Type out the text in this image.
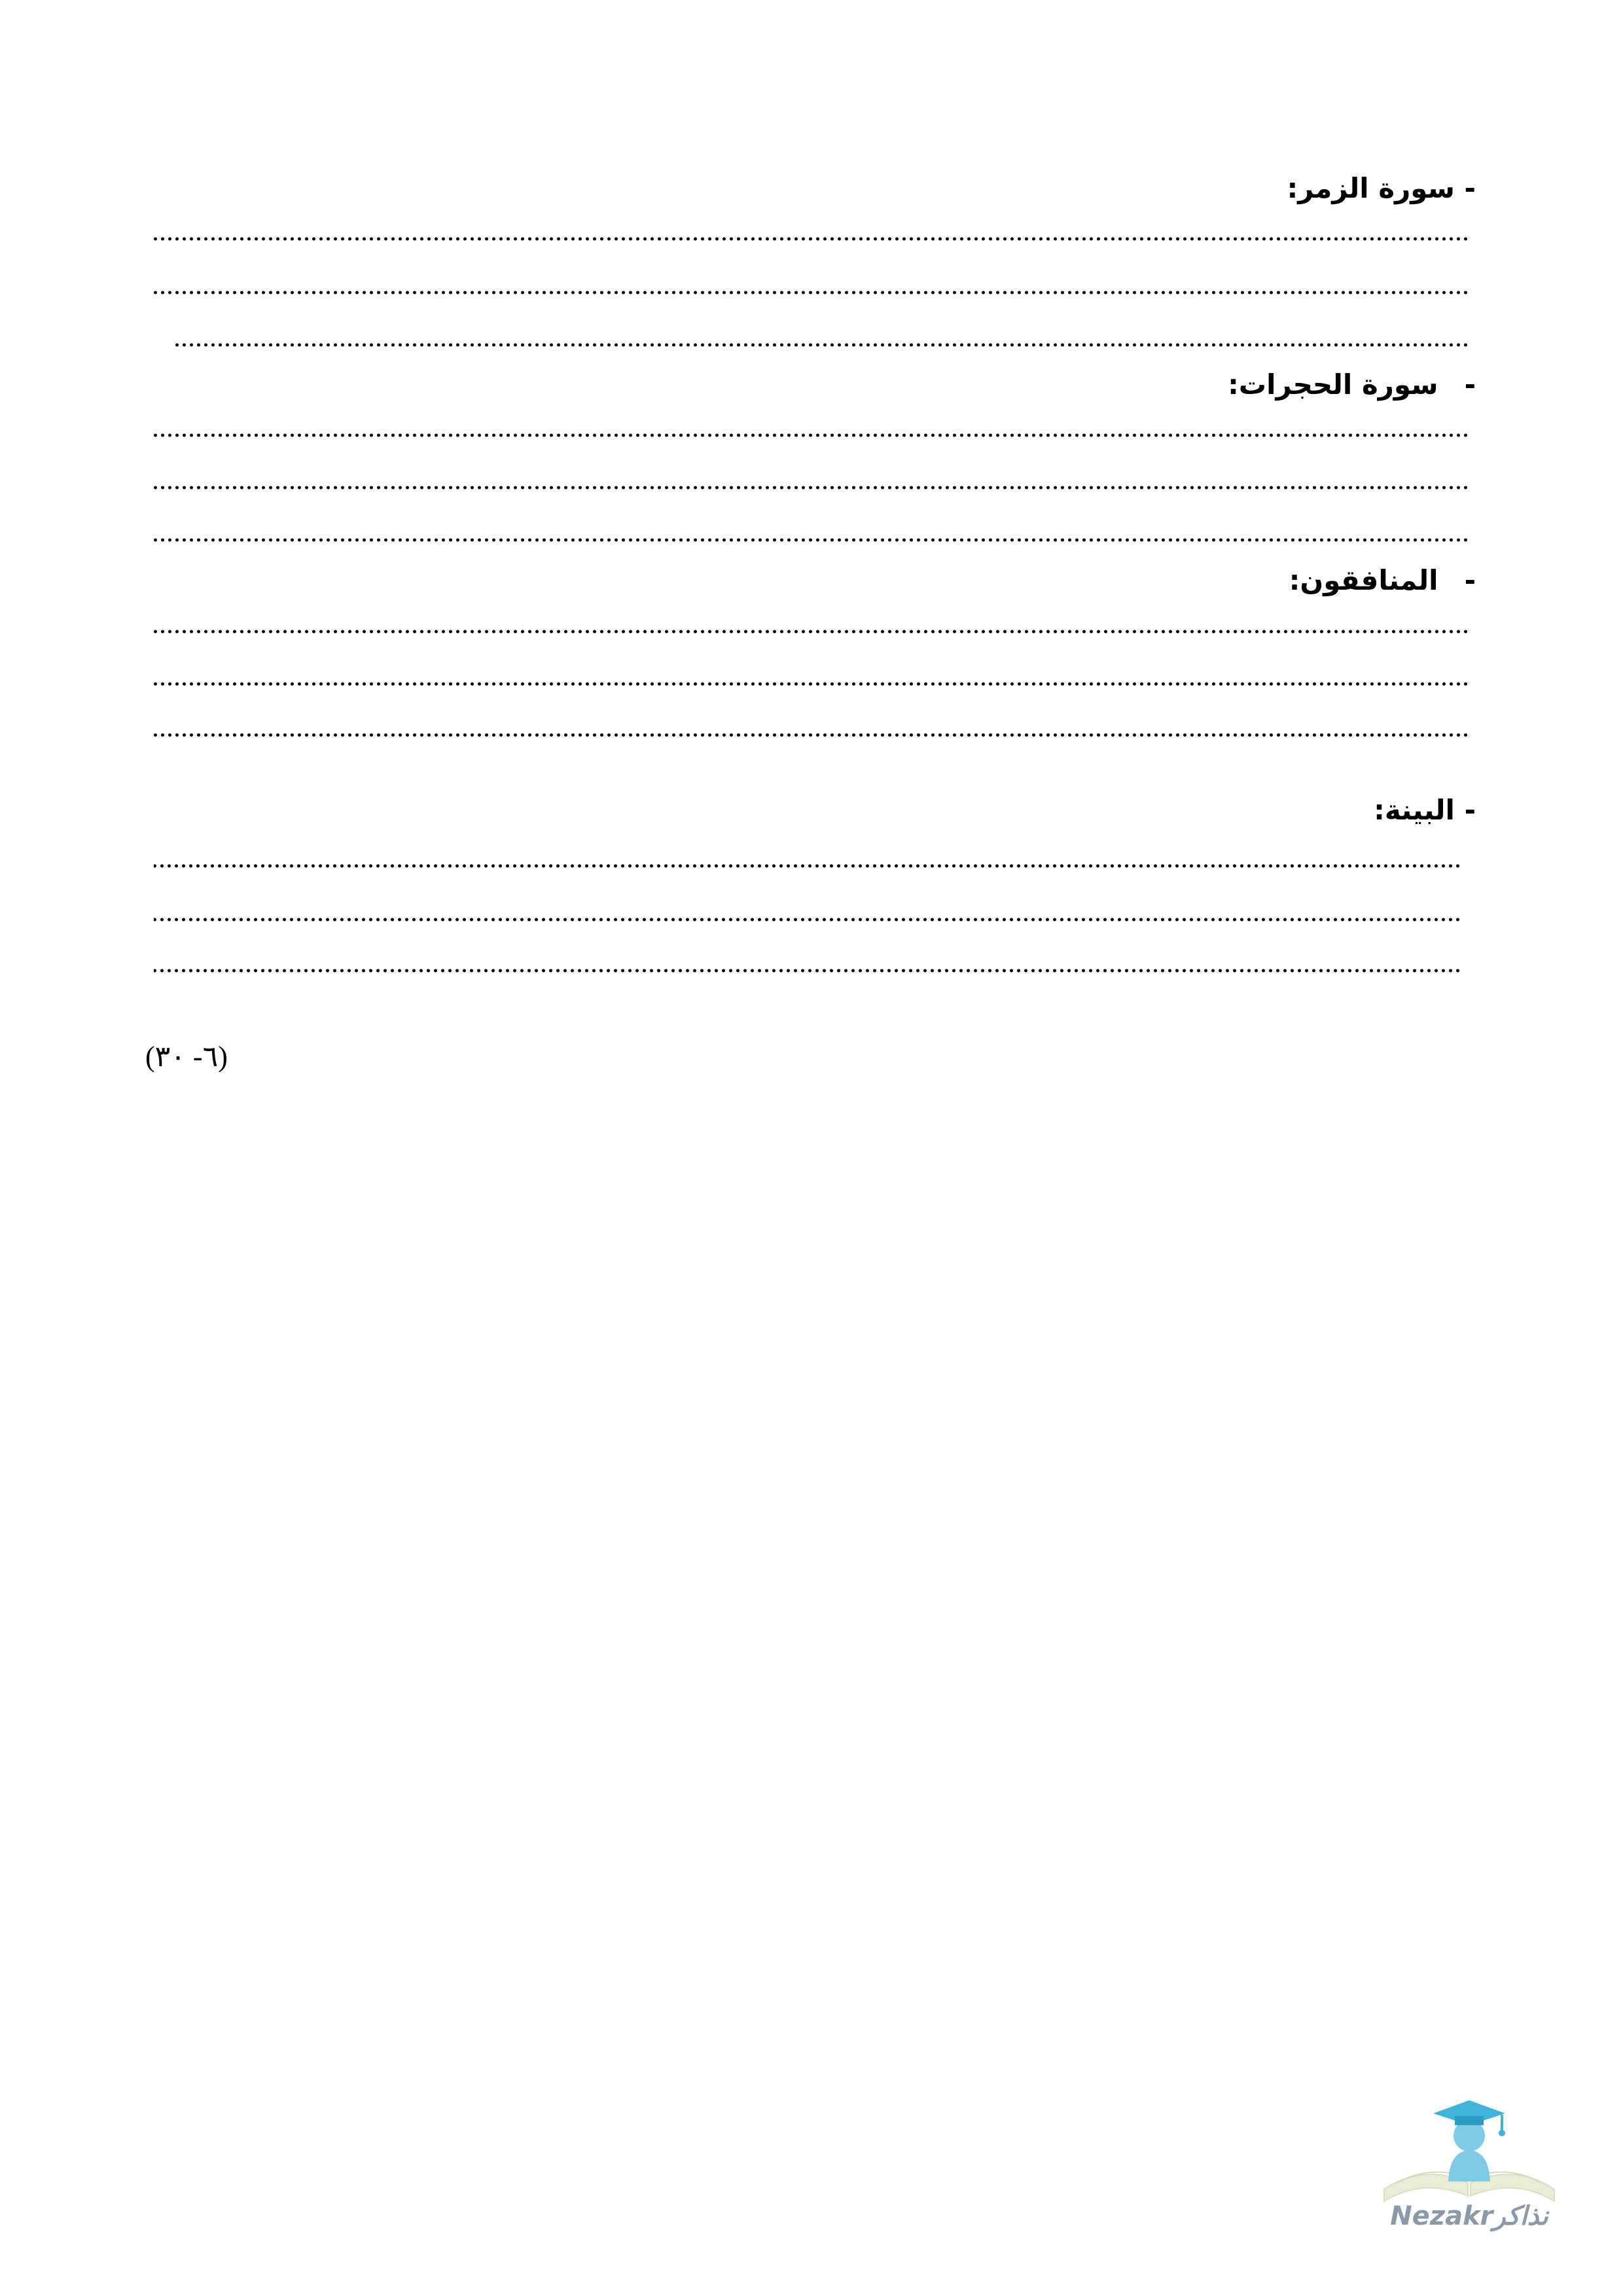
- سورة الزمر:
-سورة الحجرات:
-المنافقون:
- البينة:
(٦- ٣٠)
Nezakrنذاكر
